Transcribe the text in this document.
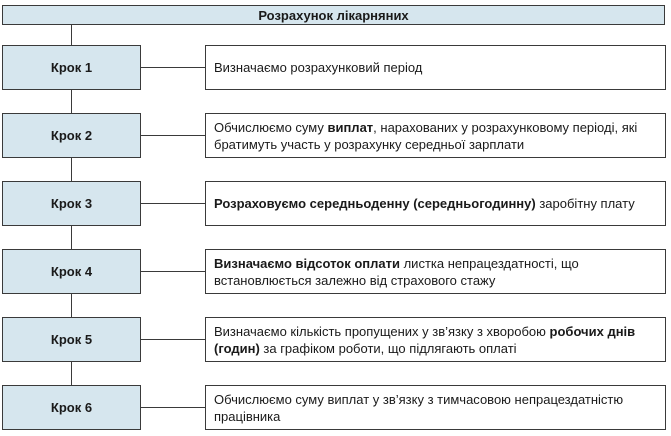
Розрахунок лікарняних
Крок 1	Визначаємо розрахунковий період
Крок 2
Обчислюємо суму виплат, нарахованих у розрахунковому періоді, які братимуть участь у розрахунку середньої зарплати
Крок 3	Розраховуємо середньоденну (середньогодинну) заробітну плату
Крок 4
Визначаємо відсоток оплати листка непрацездатності, що встановлюється залежно від страхового стажу
Крок 5
Визначаємо кількість пропущених у зв’язку з хворобою робочих днів (годин) за графіком роботи, що підлягають оплаті
Крок 6
Обчислюємо суму виплат у зв’язку з тимчасовою непрацездатністю працівника
